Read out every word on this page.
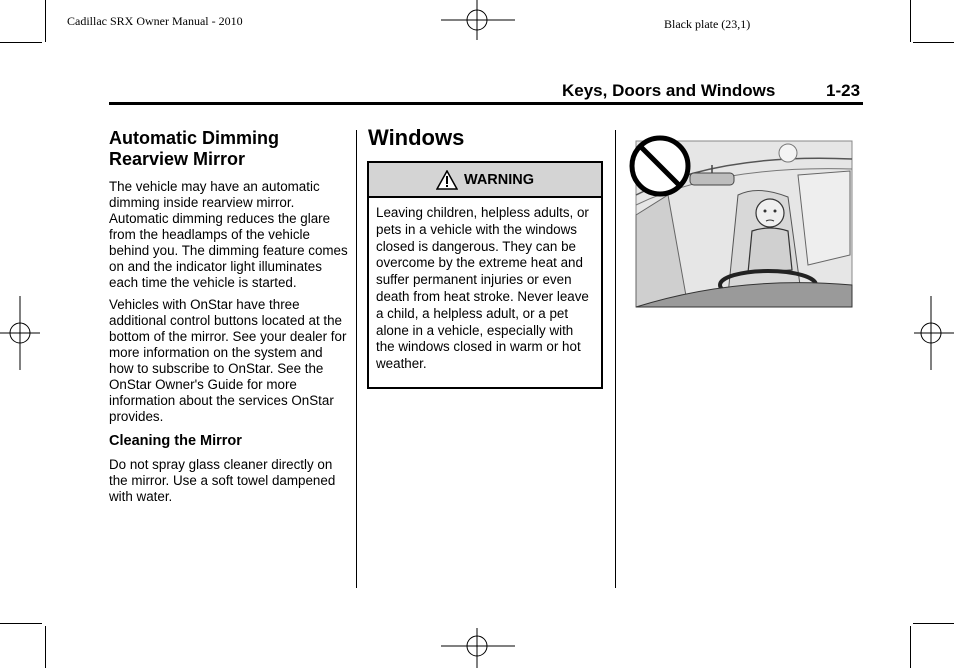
Cadillac SRX Owner Manual - 2010	Black plate (23,1)
Keys, Doors and Windows	1-23
Automatic Dimming Rearview Mirror

The vehicle may have an automatic dimming inside rearview mirror. Automatic dimming reduces the glare from the headlamps of the vehicle behind you. The dimming feature comes on and the indicator light illuminates each time the vehicle is started.

Vehicles with OnStar have three additional control buttons located at the bottom of the mirror. See your dealer for more information on the system and how to subscribe to OnStar. See the OnStar Owner's Guide for more information about the services OnStar provides.

Cleaning the Mirror

Do not spray glass cleaner directly on the mirror. Use a soft towel dampened with water.

Windows
WARNING
Leaving children, helpless adults, or pets in a vehicle with the windows closed is dangerous. They can be overcome by the extreme heat and suffer permanent injuries or even death from heat stroke. Never leave a child, a helpless adult, or a pet alone in a vehicle, especially with the windows closed in warm or hot weather.
